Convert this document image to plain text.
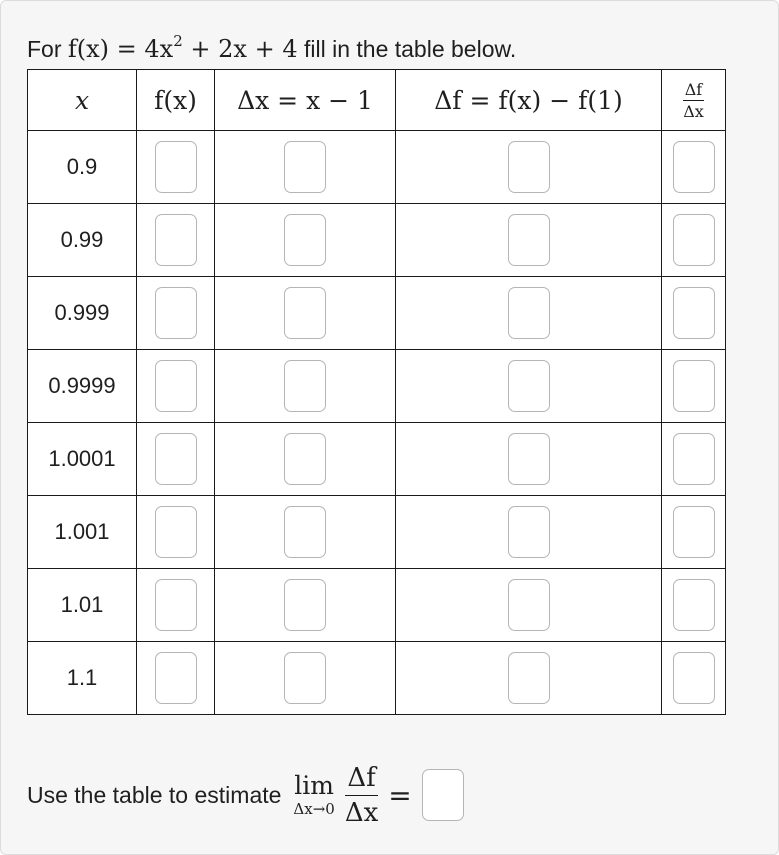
For $f(x) = 4x^2 + 2x + 4$ fill in the table below.
x	f(x)	Δx = x − 1	Δf = f(x) − f(1)	$\frac{\Delta f}{\Delta x}$

0.9				
0.99				
0.999				
0.9999				
1.0001				
1.001				
1.01				
1.1				
Use the table to estimate lim
$\Delta x\to 0 \frac{\Delta f}{\Delta x}$ =
